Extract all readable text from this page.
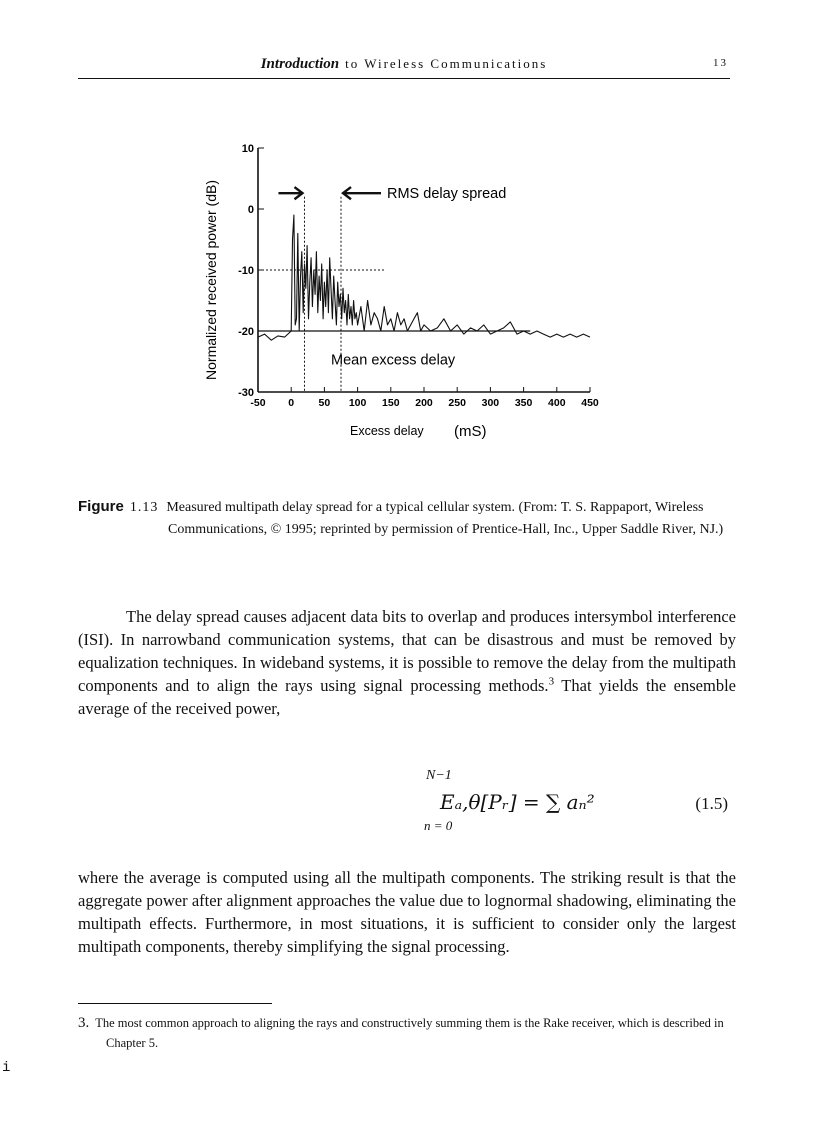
Introduction to Wireless Communications	13
10
0
-10
-20
-30
-50 0 50 100 150 200 250 300 350 400 450
RMS delay spread
Mean excess delay
Excess delay (mS)
Normalized received power (dB)
Figure 1.13 Measured multipath delay spread for a typical cellular system. (From: T. S. Rappaport, Wireless Communications, © 1995; reprinted by permission of Prentice-Hall, Inc., Upper Saddle River, NJ.)
The delay spread causes adjacent data bits to overlap and produces intersymbol interference (ISI). In narrowband communication systems, that can be disastrous and must be removed by equalization techniques. In wideband systems, it is possible to remove the delay from the multipath components and to align the rays using signal processing methods.$^3$ That yields the ensemble average of the received power,
N−1
Eₐ,θ[Pᵣ] = ∑ aₙ²
n = 0
(1.5)
where the average is computed using all the multipath components. The striking result is that the aggregate power after alignment approaches the value due to lognormal shadowing, eliminating the multipath effects. Furthermore, in most situations, it is sufficient to consider only the largest multipath components, thereby simplifying the signal processing.
3. The most common approach to aligning the rays and constructively summing them is the Rake receiver, which is described in Chapter 5.
i
